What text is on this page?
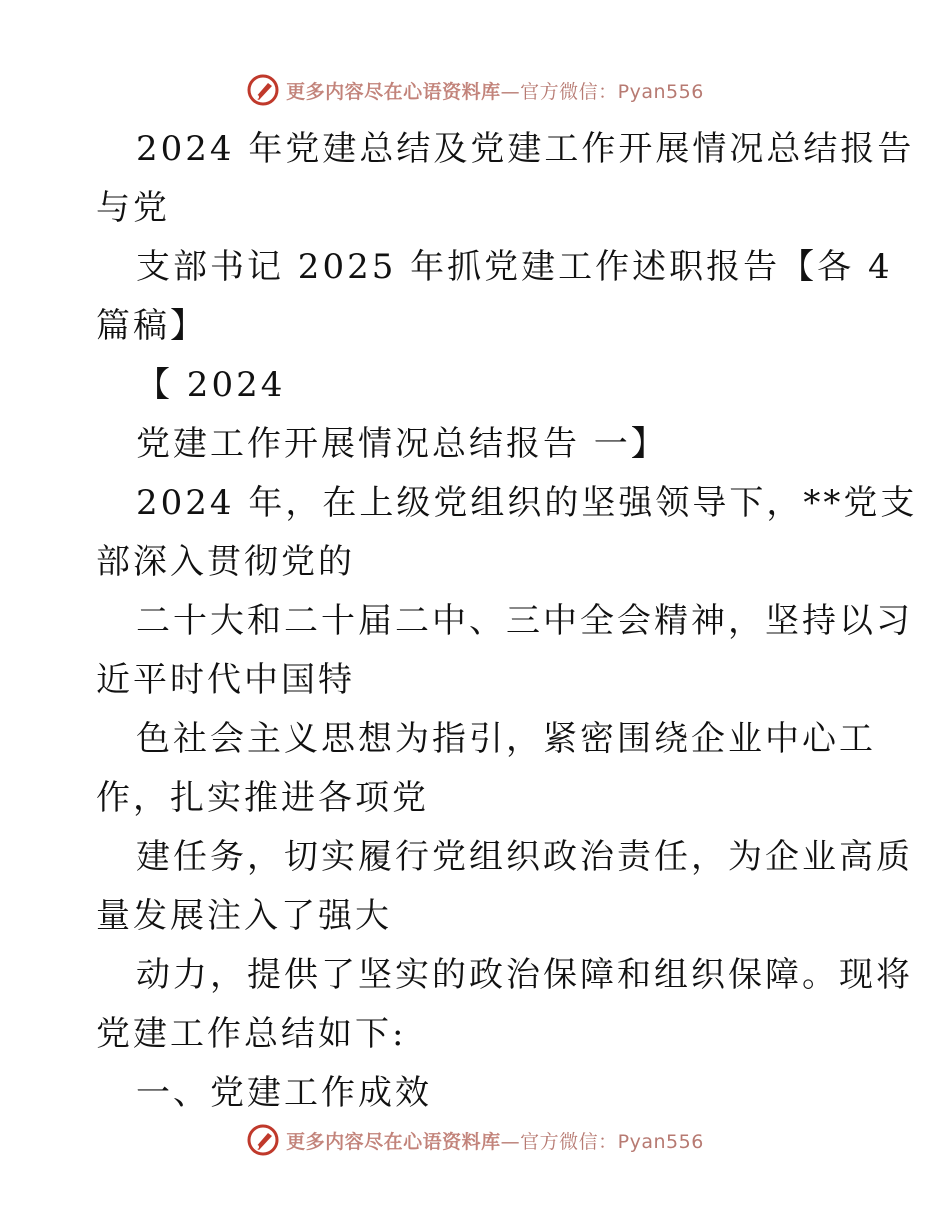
更多内容尽在心语资料库—官方微信：Pyan556
2024 年党建总结及党建工作开展情况总结报告
与党
支部书记 2025 年抓党建工作述职报告【各 4
篇稿】
【 2024
党建工作开展情况总结报告 一】
2024 年，在上级党组织的坚强领导下，**党支
部深入贯彻党的
二十大和二十届二中、三中全会精神，坚持以习
近平时代中国特
色社会主义思想为指引，紧密围绕企业中心工
作，扎实推进各项党
建任务，切实履行党组织政治责任，为企业高质
量发展注入了强大
动力，提供了坚实的政治保障和组织保障。现将
党建工作总结如下:
一、党建工作成效
更多内容尽在心语资料库—官方微信：Pyan556
